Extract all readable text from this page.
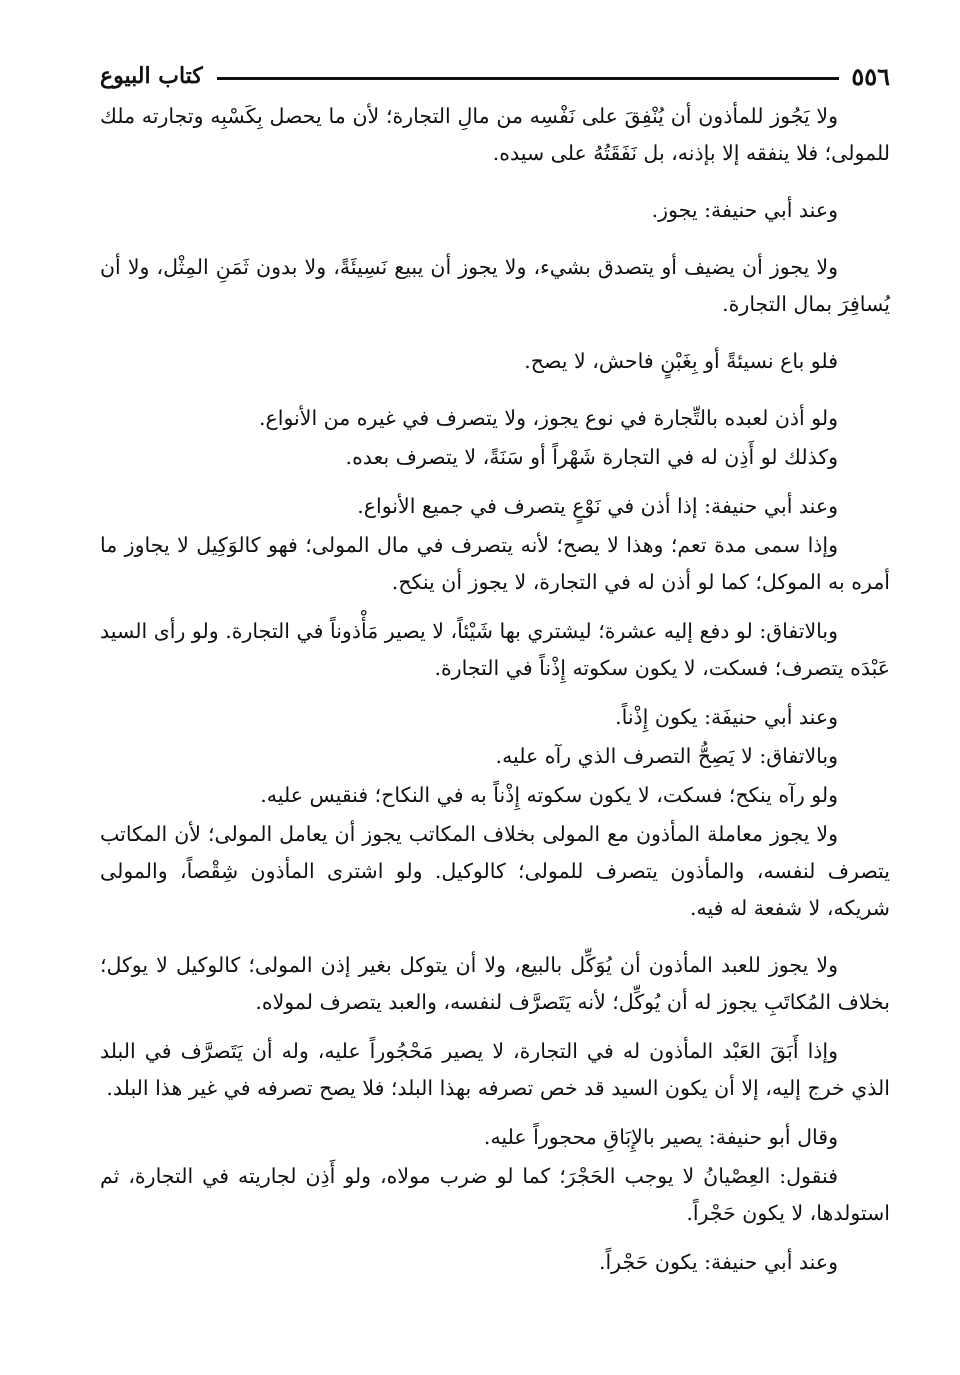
كتاب البيوع	٥٥٦

ولا يَجُوز للمأذون أن يُنْفِقَ على نَفْسِه من مالِ التجارة؛ لأن ما يحصل بِكَسْبِه وتجارته ملك للمولى؛ فلا ينفقه إلا بإذنه، بل نَفَقَتُهُ على سيده.

وعند أبي حنيفة: يجوز.

ولا يجوز أن يضيف أو يتصدق بشيء، ولا يجوز أن يبيع نَسِيئَةً، ولا بدون ثَمَنِ المِثْل، ولا أن يُسافِرَ بمال التجارة.

فلو باع نسيئةً أو بِغَبْنٍ فاحش، لا يصح.

ولو أذن لعبده بالتِّجارة في نوع يجوز، ولا يتصرف في غيره من الأنواع.

وكذلك لو أَذِن له في التجارة شَهْراً أو سَنَةً، لا يتصرف بعده.

وعند أبي حنيفة: إذا أذن في نَوْعٍ يتصرف في جميع الأنواع.

وإذا سمى مدة تعم؛ وهذا لا يصح؛ لأنه يتصرف في مال المولى؛ فهو كالوَكِيل لا يجاوز ما أمره به الموكل؛ كما لو أذن له في التجارة، لا يجوز أن ينكح.

وبالاتفاق: لو دفع إليه عشرة؛ ليشتري بها شَيْئاً، لا يصير مَأْذوناً في التجارة. ولو رأى السيد عَبْدَه يتصرف؛ فسكت، لا يكون سكوته إِذْناً في التجارة.

وعند أبي حنيفَة: يكون إِذْناً.

وبالاتفاق: لا يَصِحُّ التصرف الذي رآه عليه.

ولو رآه ينكح؛ فسكت، لا يكون سكوته إِذْناً به في النكاح؛ فنقيس عليه.

ولا يجوز معاملة المأذون مع المولى بخلاف المكاتب يجوز أن يعامل المولى؛ لأن المكاتب يتصرف لنفسه، والمأذون يتصرف للمولى؛ كالوكيل. ولو اشترى المأذون شِقْصاً، والمولى شريكه، لا شفعة له فيه.

ولا يجوز للعبد المأذون أن يُوَكِّل بالبيع، ولا أن يتوكل بغير إذن المولى؛ كالوكيل لا يوكل؛ بخلاف المُكاتَبِ يجوز له أن يُوكِّل؛ لأنه يَتَصرَّف لنفسه، والعبد يتصرف لمولاه.

وإذا أَبَقَ العَبْد المأذون له في التجارة، لا يصير مَحْجُوراً عليه، وله أن يَتَصرَّف في البلد الذي خرج إليه، إلا أن يكون السيد قد خص تصرفه بهذا البلد؛ فلا يصح تصرفه في غير هذا البلد.

وقال أبو حنيفة: يصير بالإِبَاقِ محجوراً عليه.

فنقول: العِصْيانُ لا يوجب الحَجْرَ؛ كما لو ضرب مولاه، ولو أَذِن لجاريته في التجارة، ثم استولدها، لا يكون حَجْراً.

وعند أبي حنيفة: يكون حَجْراً.
